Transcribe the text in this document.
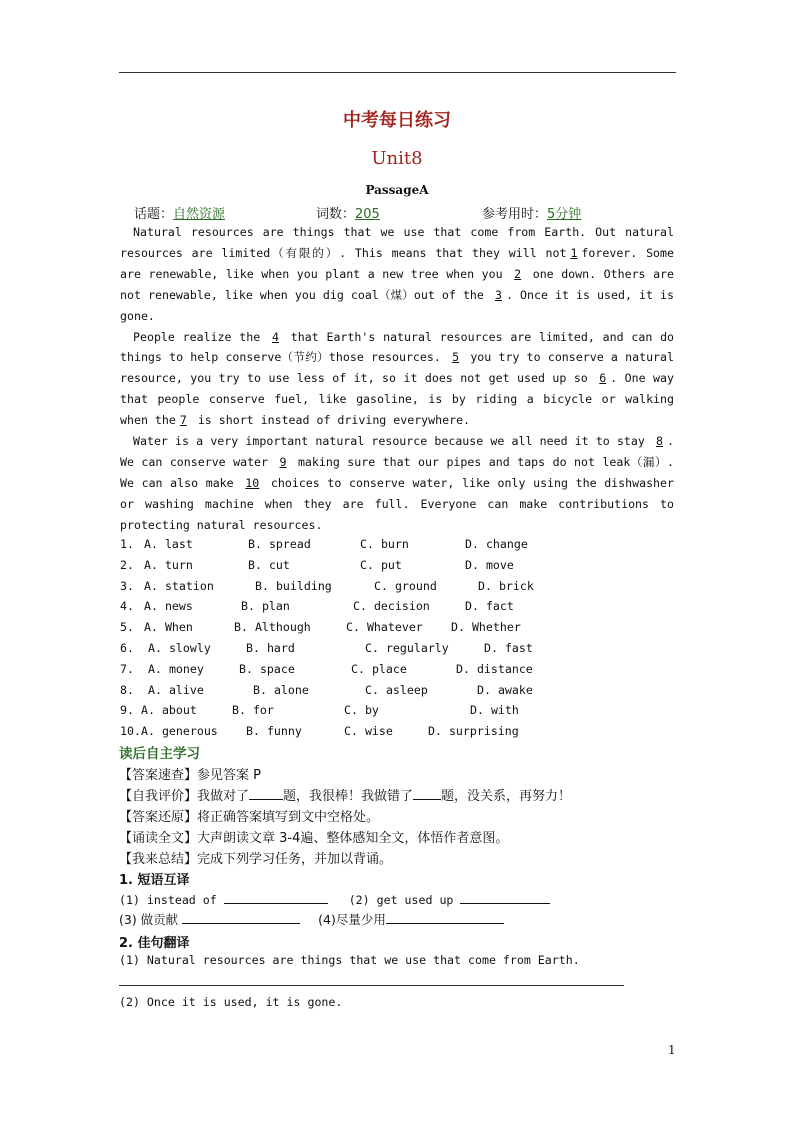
中考每日练习
Unit8
PassageA
话题：自然资源	词数：205	参考用时：5分钟

Natural resources are things that we use that come from Earth. Out natural resources are limited（有限的）. This means that they will not 1 forever. Some are renewable, like when you plant a new tree when you 2 one down. Others are not renewable, like when you dig coal（煤）out of the 3 . Once it is used, it is gone.

People realize the 4 that Earth's natural resources are limited, and can do things to help conserve（节约）those resources. 5 you try to conserve a natural resource, you try to use less of it, so it does not get used up so 6 . One way that people conserve fuel, like gasoline, is by riding a bicycle or walking when the 7 is short instead of driving everywhere.

Water is a very important natural resource because we all need it to stay 8 . We can conserve water 9 making sure that our pipes and taps do not leak（漏）. We can also make 10 choices to conserve water, like only using the dishwasher or washing machine when they are full. Everyone can make contributions to protecting natural resources.

1. A. last	B. spread	C. burn	D. change
2. A. turn	B. cut	C. put	D. move
3. A. station	B. building	C. ground	D. brick
4. A. news	B. plan	C. decision	D. fact
5. A. When	B. Although	C. Whatever D. Whether
6. A. slowly	B. hard	C. regularly	D. fast
7. A. money	B. space	C. place	D. distance
8. A. alive	B. alone	C. asleep	D. awake
9. A. about	B. for	C. by	D. with
10. A. generous B. funny	C. wise	D. surprising
读后自主学习
【答案速查】参见答案 P
【自我评价】我做对了	题，我很棒！我做错了 题，没关系，再努力！
【答案还原】将正确答案填写到文中空格处。
【诵读全文】大声朗读文章 3-4遍、整体感知全文，体悟作者意图。
【我来总结】完成下列学习任务，并加以背诵。
1. 短语互译
(1) instead of	(2) get used up
(3) 做贡献	(4)尽量少用
2. 佳句翻译
(1) Natural resources are things that we use that come from Earth.
(2) Once it is used, it is gone.
1
